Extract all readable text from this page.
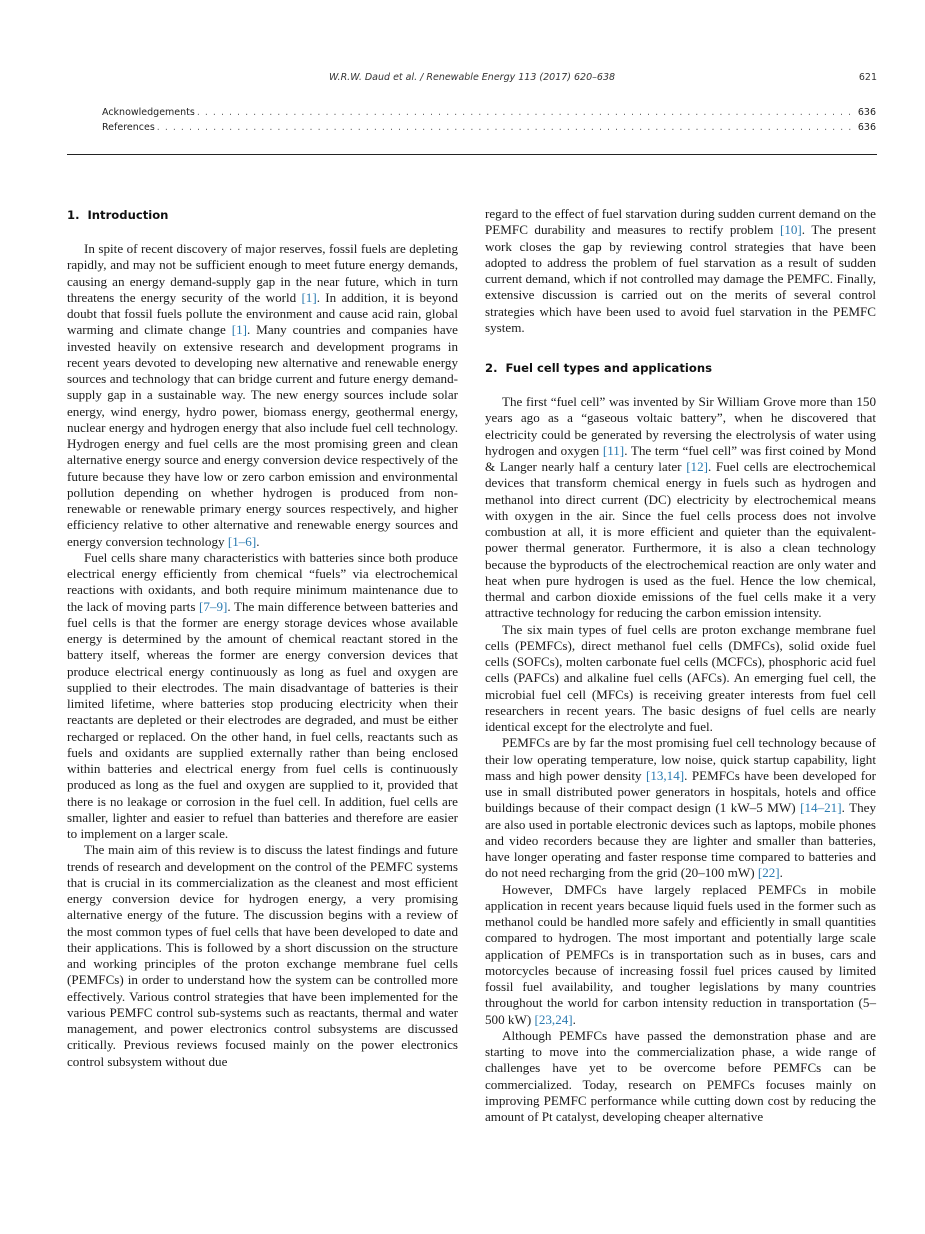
W.R.W. Daud et al. / Renewable Energy 113 (2017) 620–638	621
Acknowledgements . . .	636
References . . .	636
1. Introduction

In spite of recent discovery of major reserves, fossil fuels are depleting rapidly, and may not be sufficient enough to meet future energy demands, causing an energy demand-supply gap in the near future, which in turn threatens the energy security of the world [1]. In addition, it is beyond doubt that fossil fuels pollute the environment and cause acid rain, global warming and climate change [1]. Many countries and companies have invested heavily on extensive research and development programs in recent years devoted to developing new alternative and renewable energy sources and technology that can bridge current and future energy demand-supply gap in a sustainable way. The new energy sources include solar energy, wind energy, hydro power, biomass energy, geothermal energy, nuclear energy and hydrogen energy that also include fuel cell technology. Hydrogen energy and fuel cells are the most promising green and clean alternative energy source and energy conversion device respectively of the future because they have low or zero carbon emission and environmental pollution depending on whether hydrogen is produced from non-renewable or renewable primary energy sources respectively, and higher efficiency relative to other alternative and renewable energy sources and energy conversion technology [1–6].

Fuel cells share many characteristics with batteries since both produce electrical energy efficiently from chemical “fuels” via electrochemical reactions with oxidants, and both require minimum maintenance due to the lack of moving parts [7–9]. The main difference between batteries and fuel cells is that the former are energy storage devices whose available energy is determined by the amount of chemical reactant stored in the battery itself, whereas the former are energy conversion devices that produce electrical energy continuously as long as fuel and oxygen are supplied to their electrodes. The main disadvantage of batteries is their limited lifetime, where batteries stop producing electricity when their reactants are depleted or their electrodes are degraded, and must be either recharged or replaced. On the other hand, in fuel cells, reactants such as fuels and oxidants are supplied externally rather than being enclosed within batteries and electrical energy from fuel cells is continuously produced as long as the fuel and oxygen are supplied to it, provided that there is no leakage or corrosion in the fuel cell. In addition, fuel cells are smaller, lighter and easier to refuel than batteries and therefore are easier to implement on a larger scale.

The main aim of this review is to discuss the latest findings and future trends of research and development on the control of the PEMFC systems that is crucial in its commercialization as the cleanest and most efficient energy conversion device for hydrogen energy, a very promising alternative energy of the future. The discussion begins with a review of the most common types of fuel cells that have been developed to date and their applications. This is followed by a short discussion on the structure and working principles of the proton exchange membrane fuel cells (PEMFCs) in order to understand how the system can be controlled more effectively. Various control strategies that have been implemented for the various PEMFC control sub-systems such as reactants, thermal and water management, and power electronics control subsystems are discussed critically. Previous reviews focused mainly on the power electronics control subsystem without due

regard to the effect of fuel starvation during sudden current demand on the PEMFC durability and measures to rectify problem [10]. The present work closes the gap by reviewing control strategies that have been adopted to address the problem of fuel starvation as a result of sudden current demand, which if not controlled may damage the PEMFC. Finally, extensive discussion is carried out on the merits of several control strategies which have been used to avoid fuel starvation in the PEMFC system.

2. Fuel cell types and applications

The first “fuel cell” was invented by Sir William Grove more than 150 years ago as a “gaseous voltaic battery”, when he discovered that electricity could be generated by reversing the electrolysis of water using hydrogen and oxygen [11]. The term “fuel cell” was first coined by Mond & Langer nearly half a century later [12]. Fuel cells are electrochemical devices that transform chemical energy in fuels such as hydrogen and methanol into direct current (DC) electricity by electrochemical means with oxygen in the air. Since the fuel cells process does not involve combustion at all, it is more efficient and quieter than the equivalent-power thermal generator. Furthermore, it is also a clean technology because the byproducts of the electrochemical reaction are only water and heat when pure hydrogen is used as the fuel. Hence the low chemical, thermal and carbon dioxide emissions of the fuel cells make it a very attractive technology for reducing the carbon emission intensity.

The six main types of fuel cells are proton exchange membrane fuel cells (PEMFCs), direct methanol fuel cells (DMFCs), solid oxide fuel cells (SOFCs), molten carbonate fuel cells (MCFCs), phosphoric acid fuel cells (PAFCs) and alkaline fuel cells (AFCs). An emerging fuel cell, the microbial fuel cell (MFCs) is receiving greater interests from fuel cell researchers in recent years. The basic designs of fuel cells are nearly identical except for the electrolyte and fuel.

PEMFCs are by far the most promising fuel cell technology because of their low operating temperature, low noise, quick startup capability, light mass and high power density [13,14]. PEMFCs have been developed for use in small distributed power generators in hospitals, hotels and office buildings because of their compact design (1 kW–5 MW) [14–21]. They are also used in portable electronic devices such as laptops, mobile phones and video recorders because they are lighter and smaller than batteries, have longer operating and faster response time compared to batteries and do not need recharging from the grid (20–100 mW) [22].

However, DMFCs have largely replaced PEMFCs in mobile application in recent years because liquid fuels used in the former such as methanol could be handled more safely and efficiently in small quantities compared to hydrogen. The most important and potentially large scale application of PEMFCs is in transportation such as in buses, cars and motorcycles because of increasing fossil fuel prices caused by limited fossil fuel availability, and tougher legislations by many countries throughout the world for carbon intensity reduction in transportation (5–500 kW) [23,24].

Although PEMFCs have passed the demonstration phase and are starting to move into the commercialization phase, a wide range of challenges have yet to be overcome before PEMFCs can be commercialized. Today, research on PEMFCs focuses mainly on improving PEMFC performance while cutting down cost by reducing the amount of Pt catalyst, developing cheaper alternative
